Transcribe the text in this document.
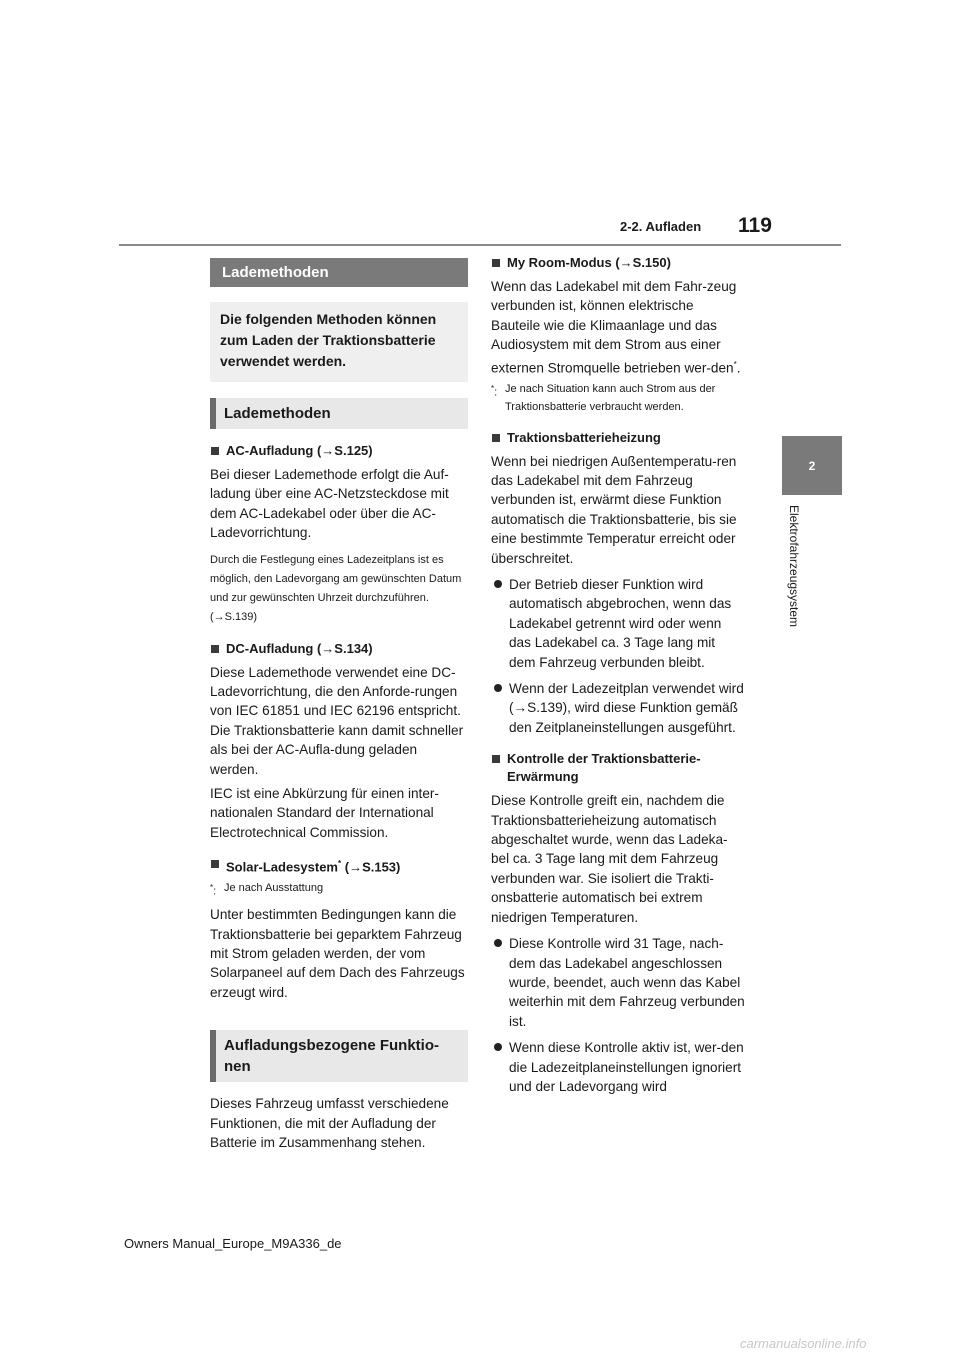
119
2-2. Aufladen
2
Elektrofahrzeugsystem
Lademethoden
Die folgenden Methoden können zum Laden der Traktionsbatterie verwendet werden.
Lademethoden
AC-Aufladung (→S.125)
Bei dieser Lademethode erfolgt die Auf-ladung über eine AC-Netzsteckdose mit dem AC-Ladekabel oder über die AC-Ladevorrichtung.
Durch die Festlegung eines Ladezeitplans ist es möglich, den Ladevorgang am gewünschten Datum und zur gewünschten Uhrzeit durchzuführen. (→S.139)
DC-Aufladung (→S.134)
Diese Lademethode verwendet eine DC-Ladevorrichtung, die den Anforde-rungen von IEC 61851 und IEC 62196 entspricht. Die Traktionsbatterie kann damit schneller als bei der AC-Aufla-dung geladen werden.
IEC ist eine Abkürzung für einen inter-nationalen Standard der International Electrotechnical Commission.
Solar-Ladesystem* (→S.153)
*: Je nach Ausstattung
Unter bestimmten Bedingungen kann die Traktionsbatterie bei geparktem Fahrzeug mit Strom geladen werden, der vom Solarpaneel auf dem Dach des Fahrzeugs erzeugt wird.
Aufladungsbezogene Funktio-nen
Dieses Fahrzeug umfasst verschiedene Funktionen, die mit der Aufladung der Batterie im Zusammenhang stehen.
My Room-Modus (→S.150)
Wenn das Ladekabel mit dem Fahr-zeug verbunden ist, können elektrische Bauteile wie die Klimaanlage und das Audiosystem mit dem Strom aus einer externen Stromquelle betrieben wer-den*.
*: Je nach Situation kann auch Strom aus der Traktionsbatterie verbraucht werden.
Traktionsbatterieheizung
Wenn bei niedrigen Außentemperatu-ren das Ladekabel mit dem Fahrzeug verbunden ist, erwärmt diese Funktion automatisch die Traktionsbatterie, bis sie eine bestimmte Temperatur erreicht oder überschreitet.
Der Betrieb dieser Funktion wird automatisch abgebrochen, wenn das Ladekabel getrennt wird oder wenn das Ladekabel ca. 3 Tage lang mit dem Fahrzeug verbunden bleibt.
Wenn der Ladezeitplan verwendet wird (→S.139), wird diese Funktion gemäß den Zeitplaneinstellungen ausgeführt.
Kontrolle der Traktionsbatterie-Erwärmung
Diese Kontrolle greift ein, nachdem die Traktionsbatterieheizung automatisch abgeschaltet wurde, wenn das Ladeka-bel ca. 3 Tage lang mit dem Fahrzeug verbunden war. Sie isoliert die Trakti-onsbatterie automatisch bei extrem niedrigen Temperaturen.
Diese Kontrolle wird 31 Tage, nach-dem das Ladekabel angeschlossen wurde, beendet, auch wenn das Kabel weiterhin mit dem Fahrzeug verbunden ist.
Wenn diese Kontrolle aktiv ist, wer-den die Ladezeitplaneinstellungen ignoriert und der Ladevorgang wird
Owners Manual_Europe_M9A336_de
carmanualsonline.info
